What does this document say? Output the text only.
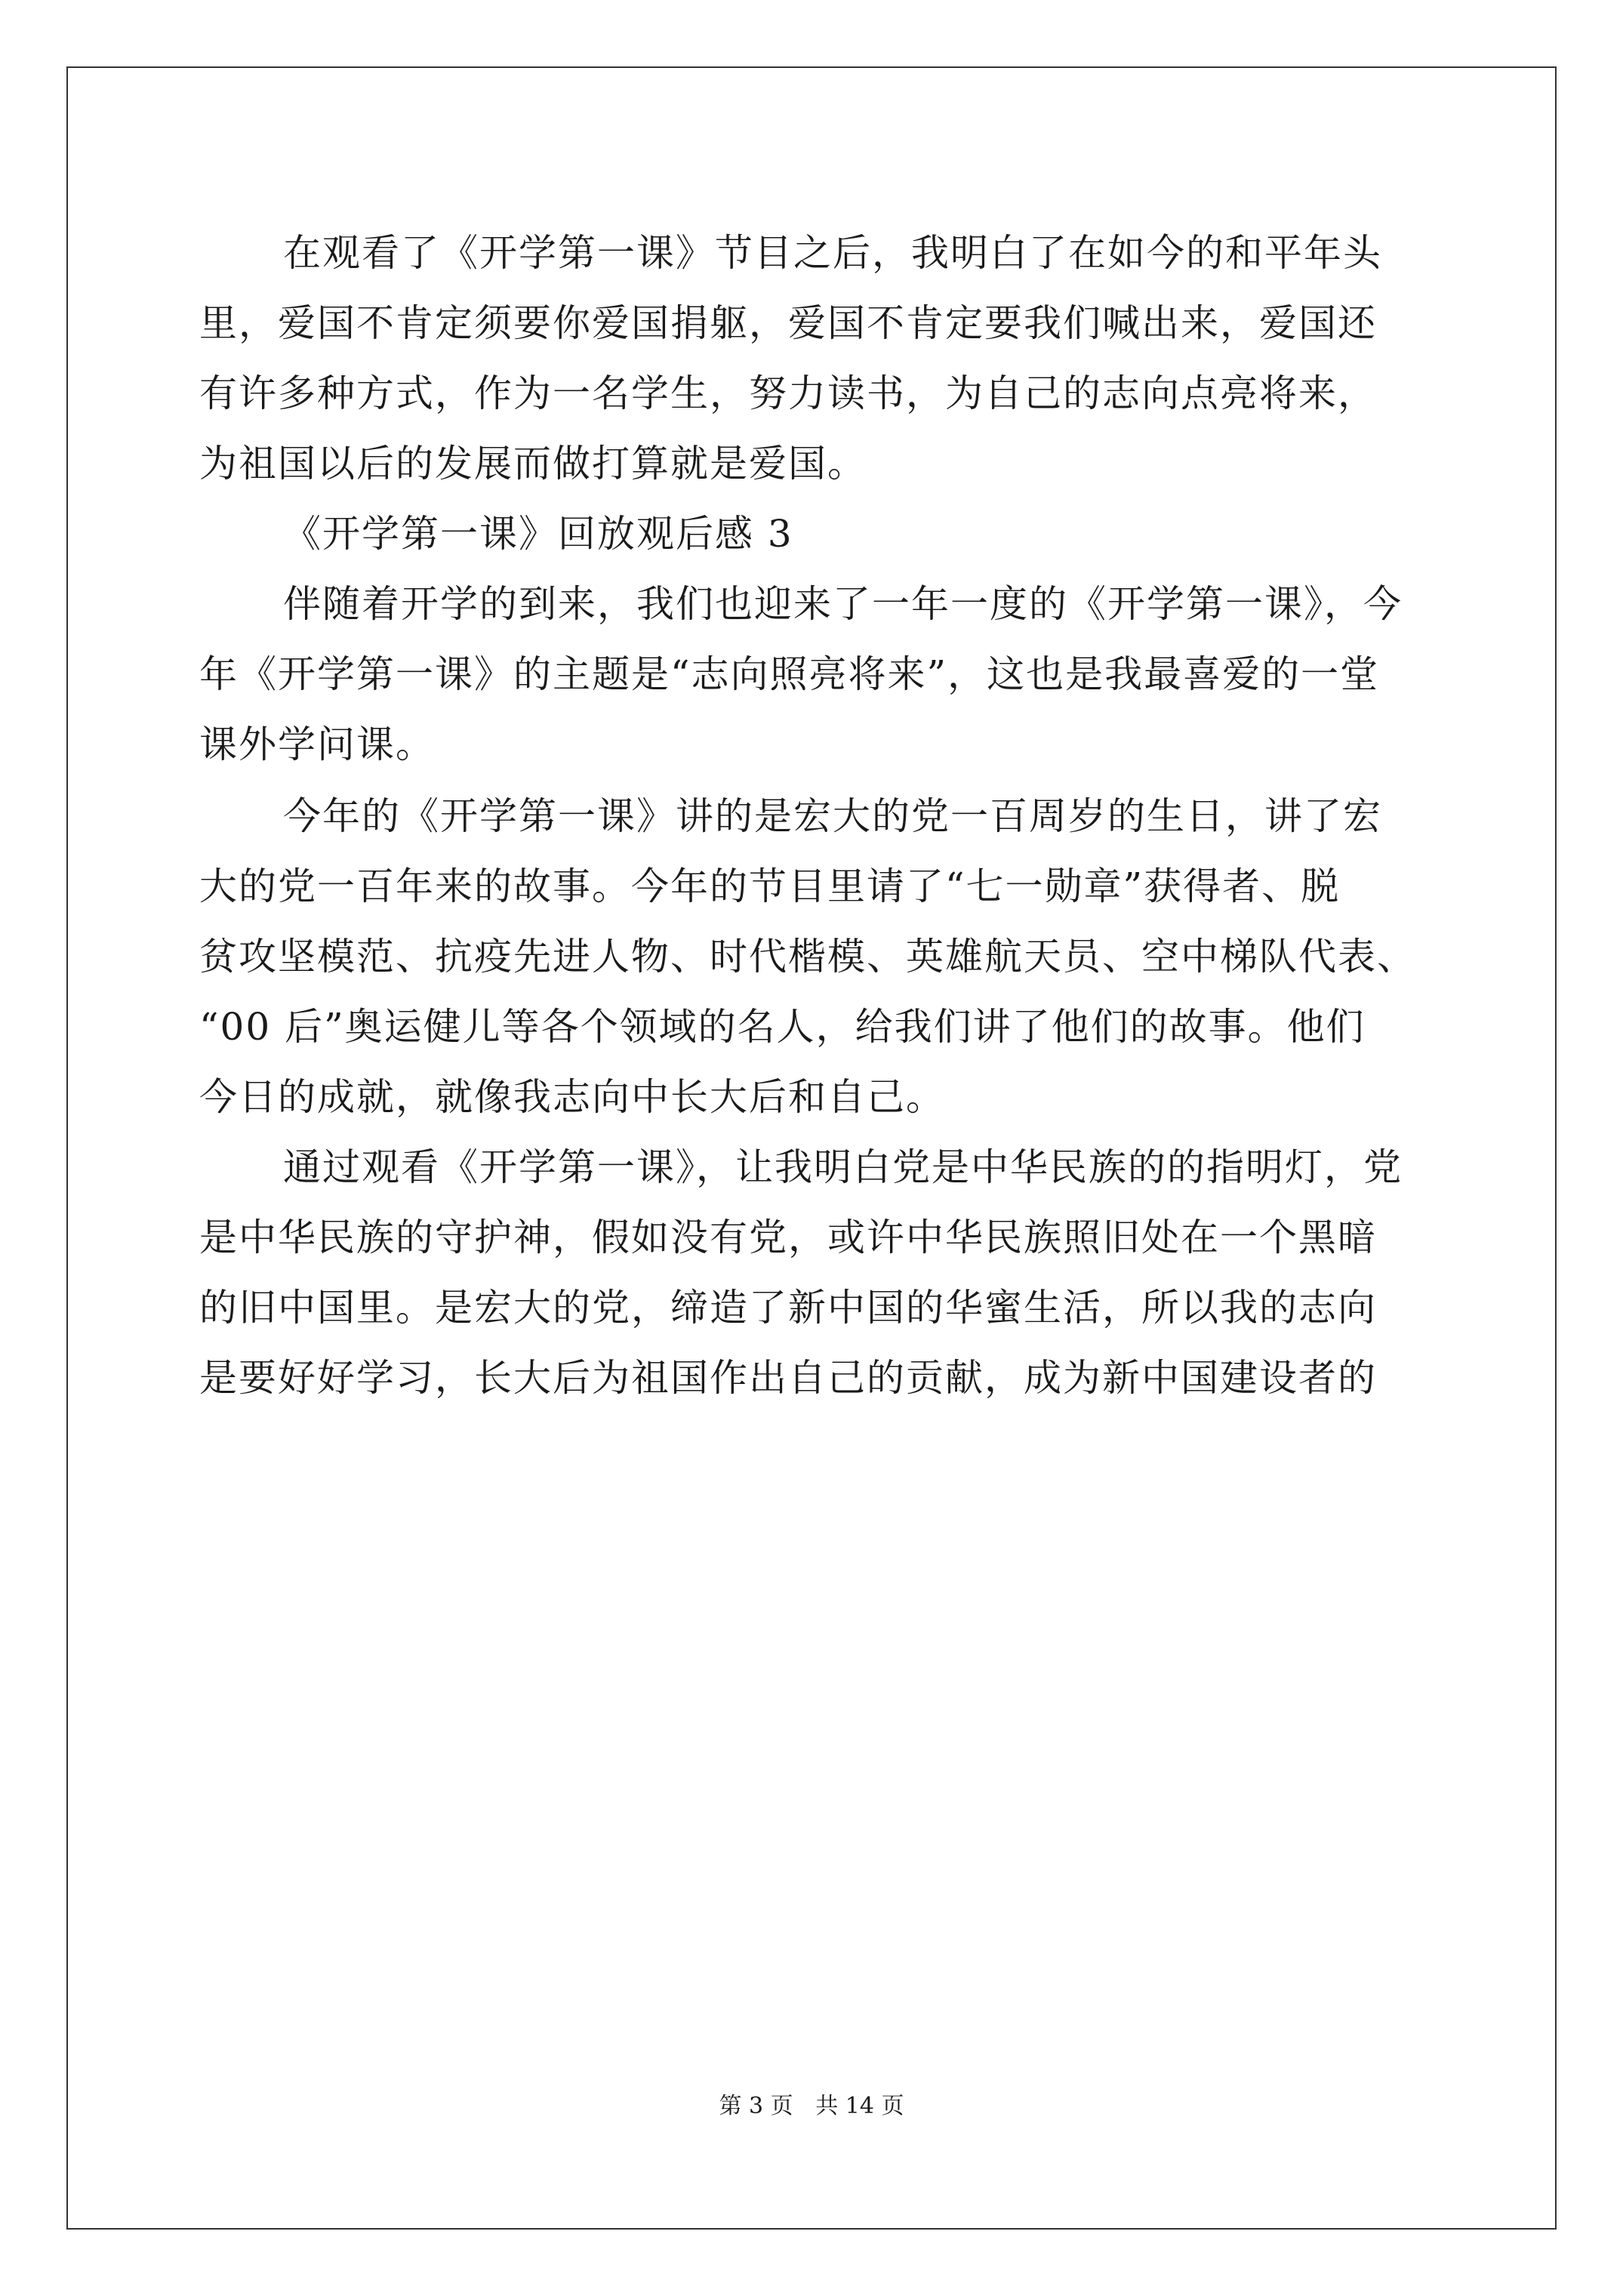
在观看了《开学第一课》节目之后，我明白了在如今的和平年头
里，爱国不肯定须要你爱国捐躯，爱国不肯定要我们喊出来，爱国还
有许多种方式，作为一名学生，努力读书，为自己的志向点亮将来，
为祖国以后的发展而做打算就是爱国。
《开学第一课》回放观后感 3
伴随着开学的到来，我们也迎来了一年一度的《开学第一课》，今
年《开学第一课》的主题是“志向照亮将来”，这也是我最喜爱的一堂
课外学问课。
今年的《开学第一课》讲的是宏大的党一百周岁的生日，讲了宏
大的党一百年来的故事。今年的节目里请了“七一勋章”获得者、脱
贫攻坚模范、抗疫先进人物、时代楷模、英雄航天员、空中梯队代表、
“00 后”奥运健儿等各个领域的名人，给我们讲了他们的故事。他们
今日的成就，就像我志向中长大后和自己。
通过观看《开学第一课》，让我明白党是中华民族的的指明灯，党
是中华民族的守护神，假如没有党，或许中华民族照旧处在一个黑暗
的旧中国里。是宏大的党，缔造了新中国的华蜜生活，所以我的志向
是要好好学习，长大后为祖国作出自己的贡献，成为新中国建设者的
第 3 页 共 14 页
